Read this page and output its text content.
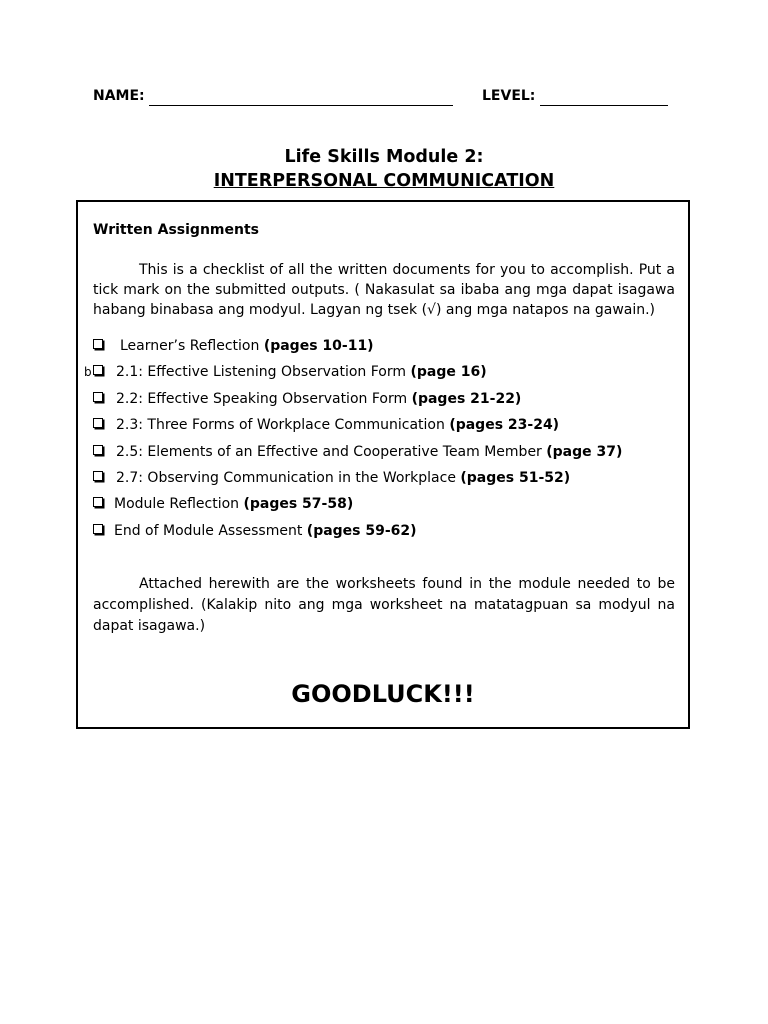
NAME:	LEVEL:
Life Skills Module 2:
INTERPERSONAL COMMUNICATION
Written Assignments

This is a checklist of all the written documents for you to accomplish. Put a tick mark on the submitted outputs. ( Nakasulat sa ibaba ang mga dapat isagawa habang binabasa ang modyul. Lagyan ng tsek (√) ang mga natapos na gawain.)

Learner’s Reflection (pages 10-11)
b 2.1: Effective Listening Observation Form (page 16)
2.2: Effective Speaking Observation Form (pages 21-22)
2.3: Three Forms of Workplace Communication (pages 23-24)
2.5: Elements of an Effective and Cooperative Team Member (page 37)
2.7: Observing Communication in the Workplace (pages 51-52)
Module Reflection (pages 57-58)
End of Module Assessment (pages 59-62)

Attached herewith are the worksheets found in the module needed to be accomplished. (Kalakip nito ang mga worksheet na matatagpuan sa modyul na dapat isagawa.)

GOODLUCK!!!
